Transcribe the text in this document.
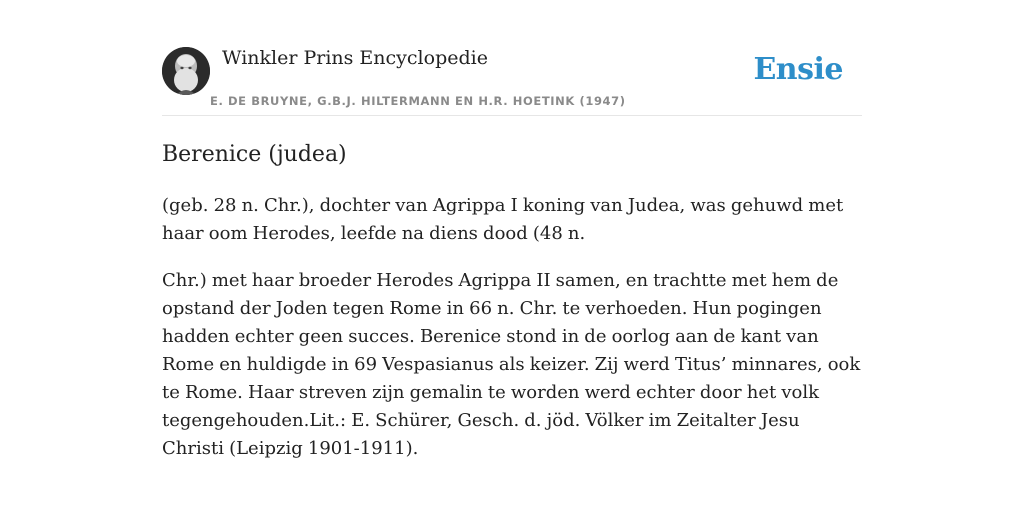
Winkler Prins Encyclopedie
E. DE BRUYNE, G.B.J. HILTERMANN EN H.R. HOETINK (1947)
Ensie
Berenice (judea)

(geb. 28 n. Chr.), dochter van Agrippa I koning van Judea, was gehuwd met haar oom Herodes, leefde na diens dood (48 n.

Chr.) met haar broeder Herodes Agrippa II samen, en trachtte met hem de opstand der Joden tegen Rome in 66 n. Chr. te verhoeden. Hun pogingen hadden echter geen succes. Berenice stond in de oorlog aan de kant van Rome en huldigde in 69 Vespasianus als keizer. Zij werd Titus’ minnares, ook te Rome. Haar streven zijn gemalin te worden werd echter door het volk tegengehouden.Lit.: E. Schürer, Gesch. d. jöd. Völker im Zeitalter Jesu Christi (Leipzig 1901-1911).
